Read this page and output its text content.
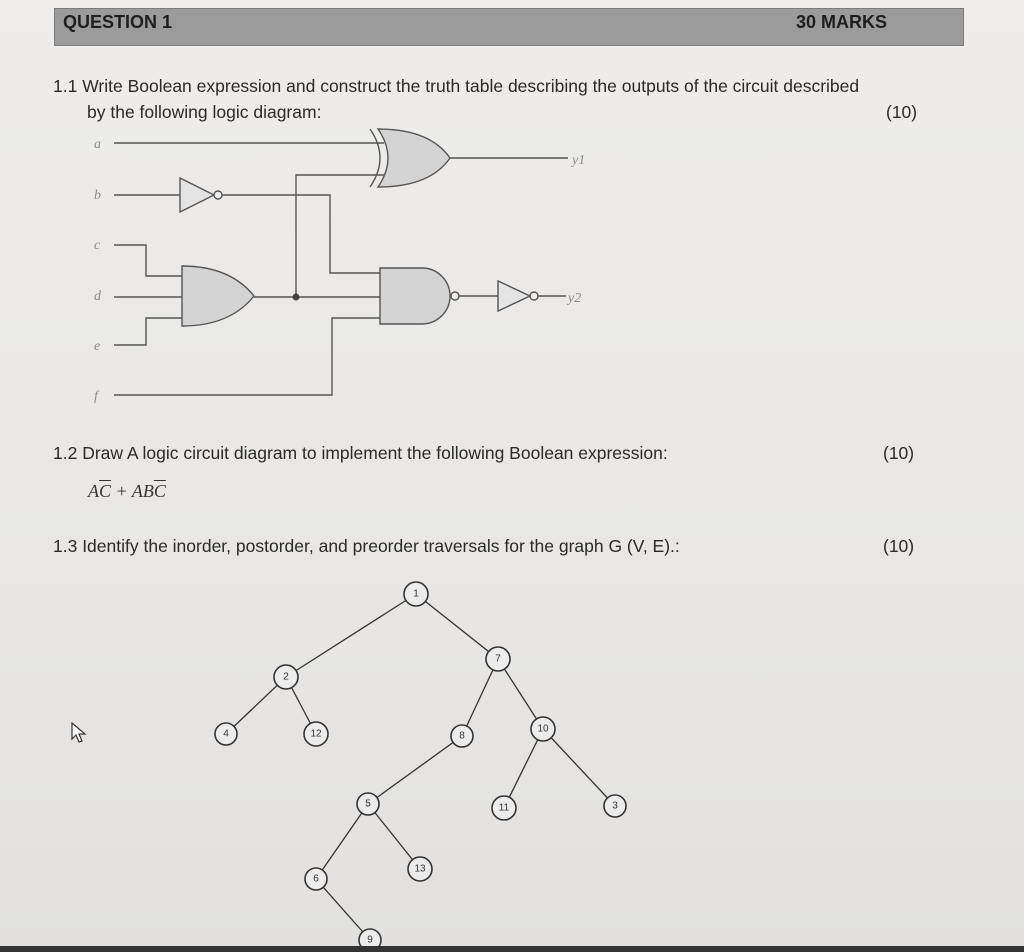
QUESTION 1	30 MARKS
1.1 Write Boolean expression and construct the truth table describing the outputs of the circuit described
by the following logic diagram:	(10)
a
b
c
d
e
f
y1
y2
1
2
7
4	12	8
10
5	11	3
6
13
9
1.2 Draw A logic circuit diagram to implement the following Boolean expression:	(10)
$A\overline{C} + AB\overline{C}$
1.3 Identify the inorder, postorder, and preorder traversals for the graph G (V, E).:	(10)
